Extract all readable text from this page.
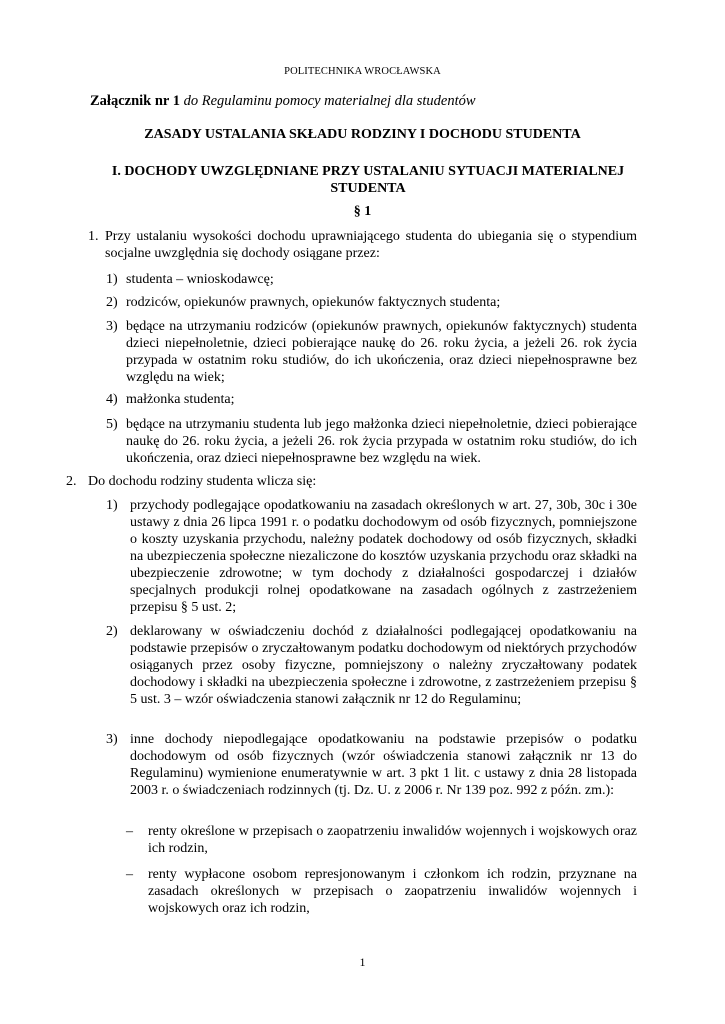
POLITECHNIKA WROCŁAWSKA
Załącznik nr 1 do Regulaminu pomocy materialnej dla studentów
ZASADY USTALANIA SKŁADU RODZINY I DOCHODU STUDENTA
I. DOCHODY UWZGLĘDNIANE PRZY USTALANIU SYTUACJI MATERIALNEJ STUDENTA
§ 1
1. Przy ustalaniu wysokości dochodu uprawniającego studenta do ubiegania się o stypendium socjalne uwzględnia się dochody osiągane przez:
1) studenta – wnioskodawcę;
2) rodziców, opiekunów prawnych, opiekunów faktycznych studenta;
3) będące na utrzymaniu rodziców (opiekunów prawnych, opiekunów faktycznych) studenta dzieci niepełnoletnie, dzieci pobierające naukę do 26. roku życia, a jeżeli 26. rok życia przypada w ostatnim roku studiów, do ich ukończenia, oraz dzieci niepełnosprawne bez względu na wiek;
4) małżonka studenta;
5) będące na utrzymaniu studenta lub jego małżonka dzieci niepełnoletnie, dzieci pobierające naukę do 26. roku życia, a jeżeli 26. rok życia przypada w ostatnim roku studiów, do ich ukończenia, oraz dzieci niepełnosprawne bez względu na wiek.
2. Do dochodu rodziny studenta wlicza się:
1) przychody podlegające opodatkowaniu na zasadach określonych w art. 27, 30b, 30c i 30e ustawy z dnia 26 lipca 1991 r. o podatku dochodowym od osób fizycznych, pomniejszone o koszty uzyskania przychodu, należny podatek dochodowy od osób fizycznych, składki na ubezpieczenia społeczne niezaliczone do kosztów uzyskania przychodu oraz składki na ubezpieczenie zdrowotne; w tym dochody z działalności gospodarczej i działów specjalnych produkcji rolnej opodatkowane na zasadach ogólnych z zastrzeżeniem przepisu § 5 ust. 2;
2) deklarowany w oświadczeniu dochód z działalności podlegającej opodatkowaniu na podstawie przepisów o zryczałtowanym podatku dochodowym od niektórych przychodów osiąganych przez osoby fizyczne, pomniejszony o należny zryczałtowany podatek dochodowy i składki na ubezpieczenia społeczne i zdrowotne, z zastrzeżeniem przepisu § 5 ust. 3 – wzór oświadczenia stanowi załącznik nr 12 do Regulaminu;
3) inne dochody niepodlegające opodatkowaniu na podstawie przepisów o podatku dochodowym od osób fizycznych (wzór oświadczenia stanowi załącznik nr 13 do Regulaminu) wymienione enumeratywnie w art. 3 pkt 1 lit. c ustawy z dnia 28 listopada 2003 r. o świadczeniach rodzinnych (tj. Dz. U. z 2006 r. Nr 139 poz. 992 z późn. zm.):
– renty określone w przepisach o zaopatrzeniu inwalidów wojennych i wojskowych oraz ich rodzin,
– renty wypłacone osobom represjonowanym i członkom ich rodzin, przyznane na zasadach określonych w przepisach o zaopatrzeniu inwalidów wojennych i wojskowych oraz ich rodzin,
1
